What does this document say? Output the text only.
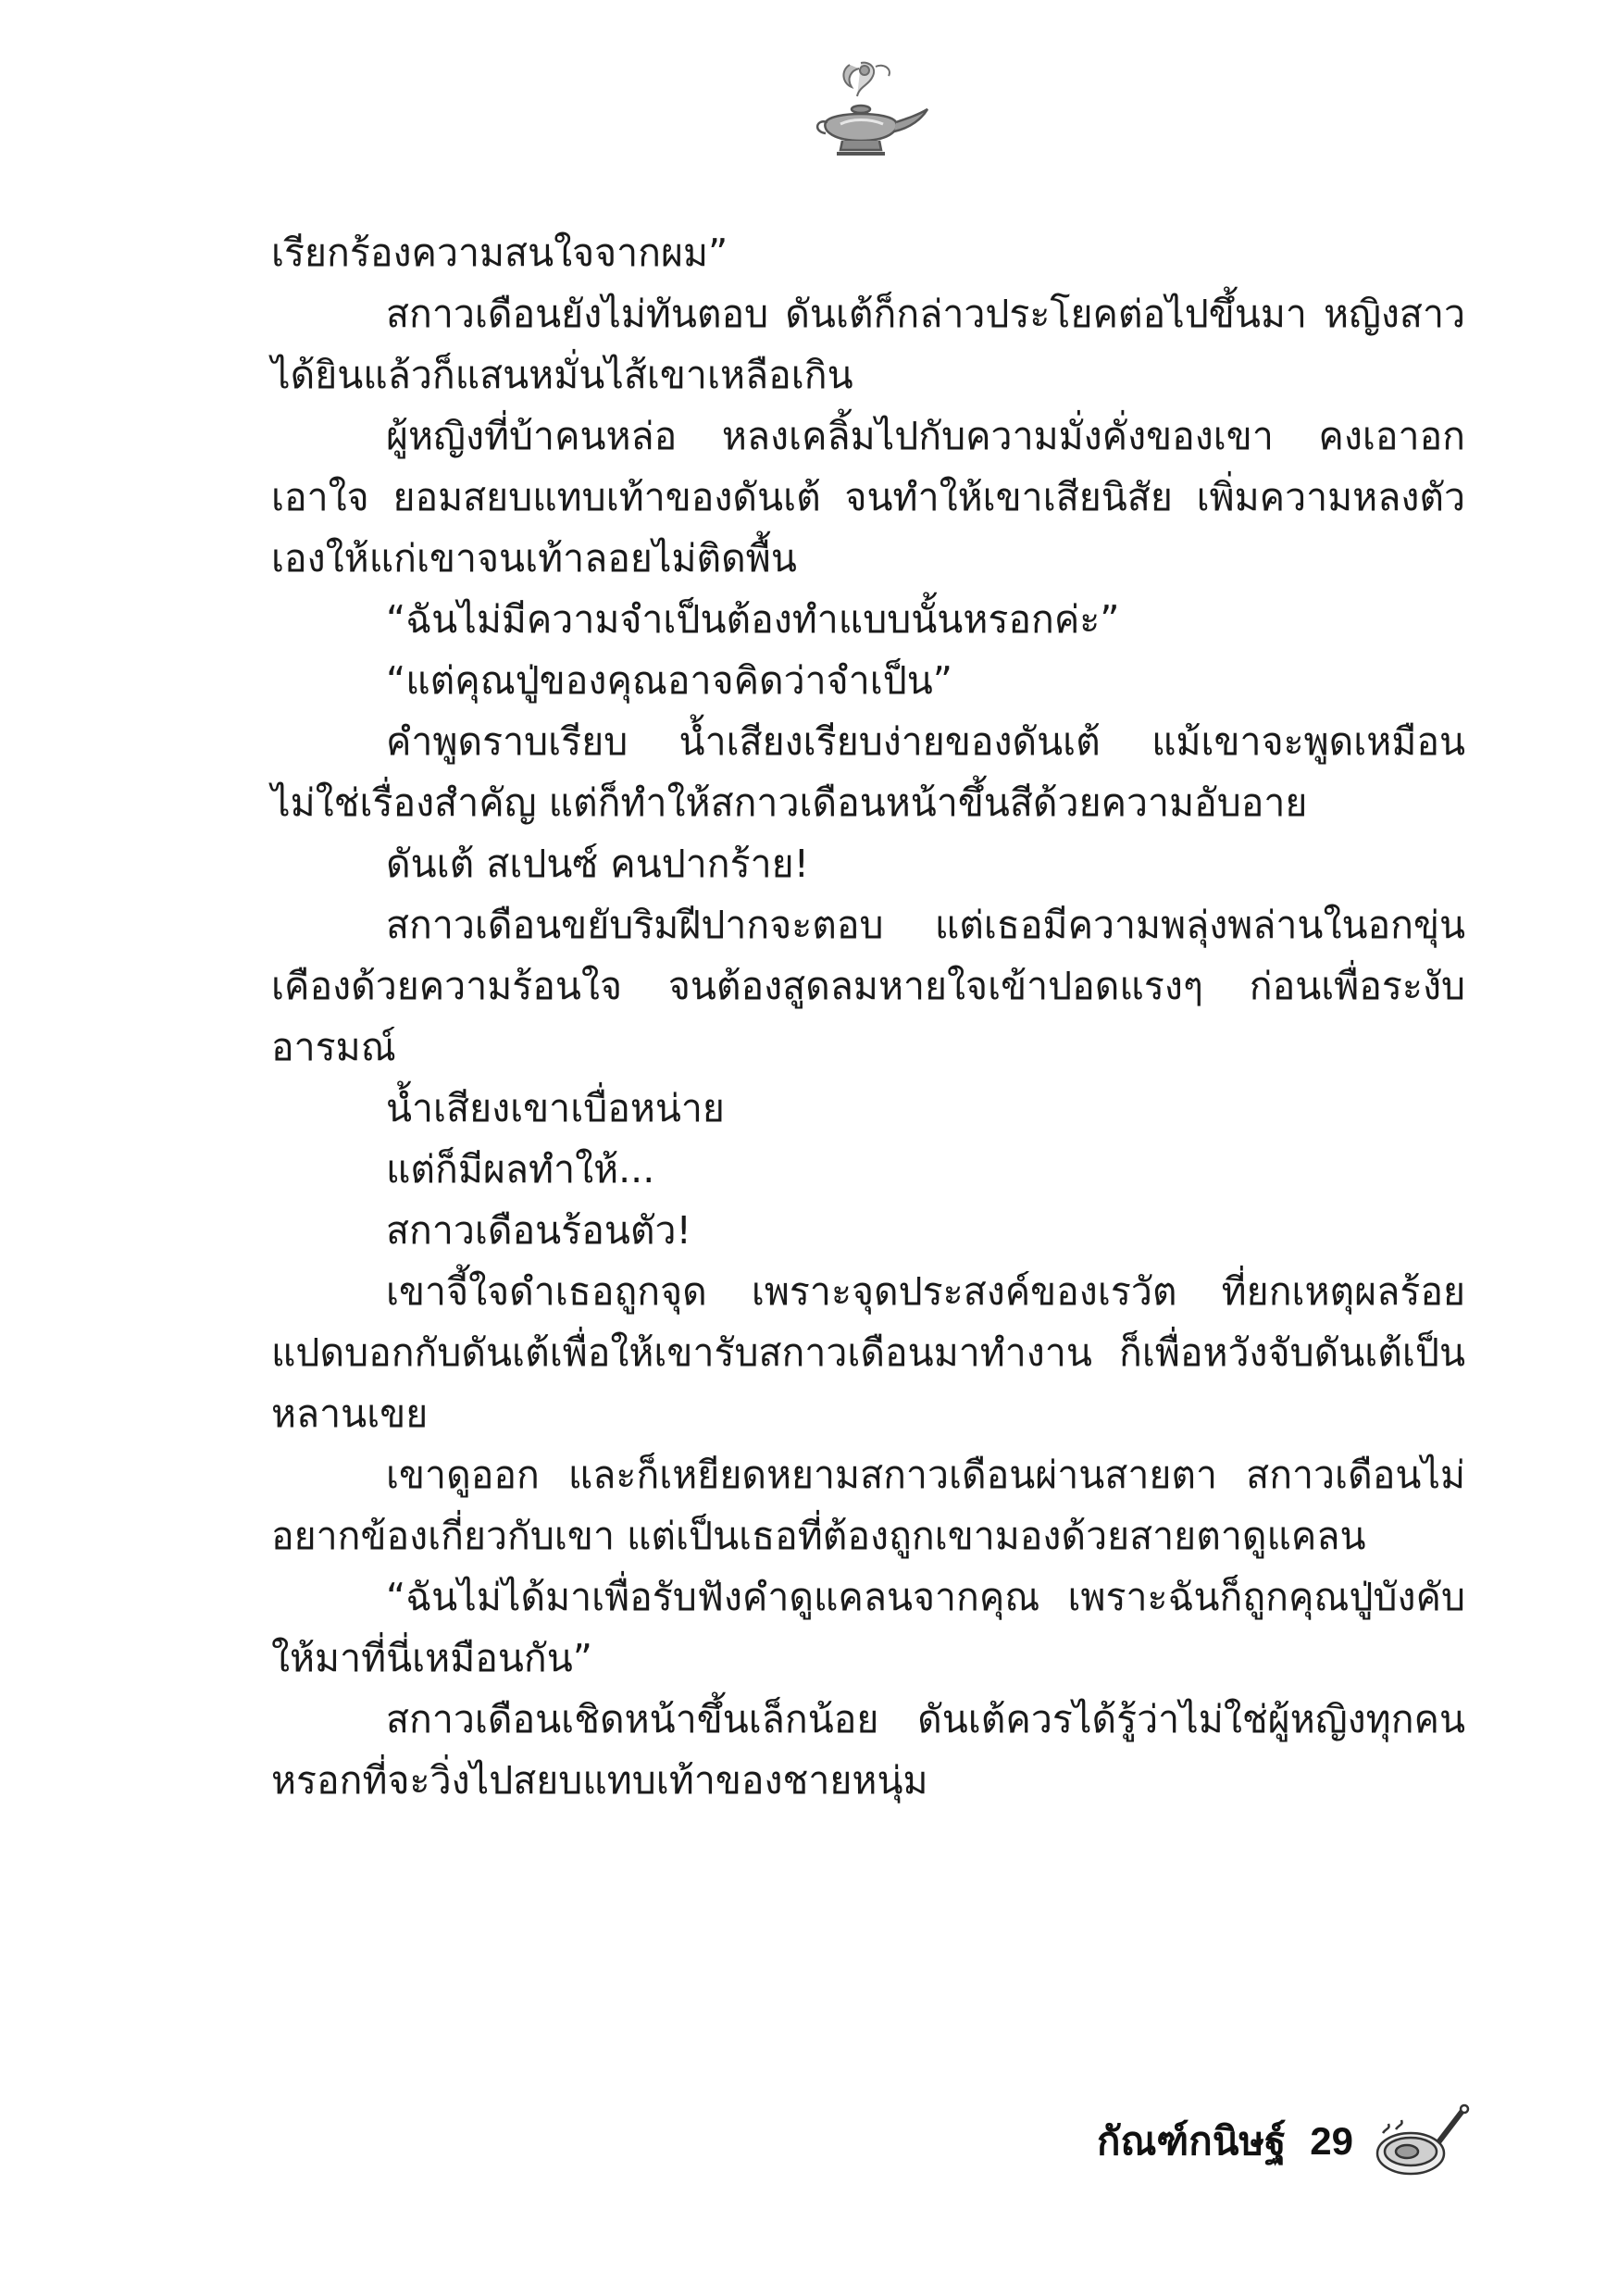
เรียกร้องความสนใจจากผม”

สกาวเดือนยังไม่ทันตอบ ดันเต้ก็กล่าวประโยคต่อไปขึ้นมา หญิงสาวได้ยินแล้วก็แสนหมั่นไส้เขาเหลือเกิน

ผู้หญิงที่บ้าคนหล่อ หลงเคลิ้มไปกับความมั่งคั่งของเขา คงเอาอกเอาใจ ยอมสยบแทบเท้าของดันเต้ จนทำให้เขาเสียนิสัย เพิ่มความหลงตัวเองให้แก่เขาจนเท้าลอยไม่ติดพื้น

“ฉันไม่มีความจำเป็นต้องทำแบบนั้นหรอกค่ะ”

“แต่คุณปู่ของคุณอาจคิดว่าจำเป็น”

คำพูดราบเรียบ น้ำเสียงเรียบง่ายของดันเต้ แม้เขาจะพูดเหมือนไม่ใช่เรื่องสำคัญ แต่ก็ทำให้สกาวเดือนหน้าขึ้นสีด้วยความอับอาย

ดันเต้ สเปนซ์ คนปากร้าย!

สกาวเดือนขยับริมฝีปากจะตอบ แต่เธอมีความพลุ่งพล่านในอกขุ่นเคืองด้วยความร้อนใจ จนต้องสูดลมหายใจเข้าปอดแรงๆ ก่อนเพื่อระงับอารมณ์

น้ำเสียงเขาเบื่อหน่าย

แต่ก็มีผลทำให้...

สกาวเดือนร้อนตัว!

เขาจี้ใจดำเธอถูกจุด เพราะจุดประสงค์ของเรวัต ที่ยกเหตุผลร้อยแปดบอกกับดันเต้เพื่อให้เขารับสกาวเดือนมาทำงาน ก็เพื่อหวังจับดันเต้เป็นหลานเขย

เขาดูออก และก็เหยียดหยามสกาวเดือนผ่านสายตา สกาวเดือนไม่อยากข้องเกี่ยวกับเขา แต่เป็นเธอที่ต้องถูกเขามองด้วยสายตาดูแคลน

“ฉันไม่ได้มาเพื่อรับฟังคำดูแคลนจากคุณ เพราะฉันก็ถูกคุณปู่บังคับให้มาที่นี่เหมือนกัน”

สกาวเดือนเชิดหน้าขึ้นเล็กน้อย ดันเต้ควรได้รู้ว่าไม่ใช่ผู้หญิงทุกคนหรอกที่จะวิ่งไปสยบแทบเท้าของชายหนุ่ม

กัณฑ์กนิษฐ์ 29
